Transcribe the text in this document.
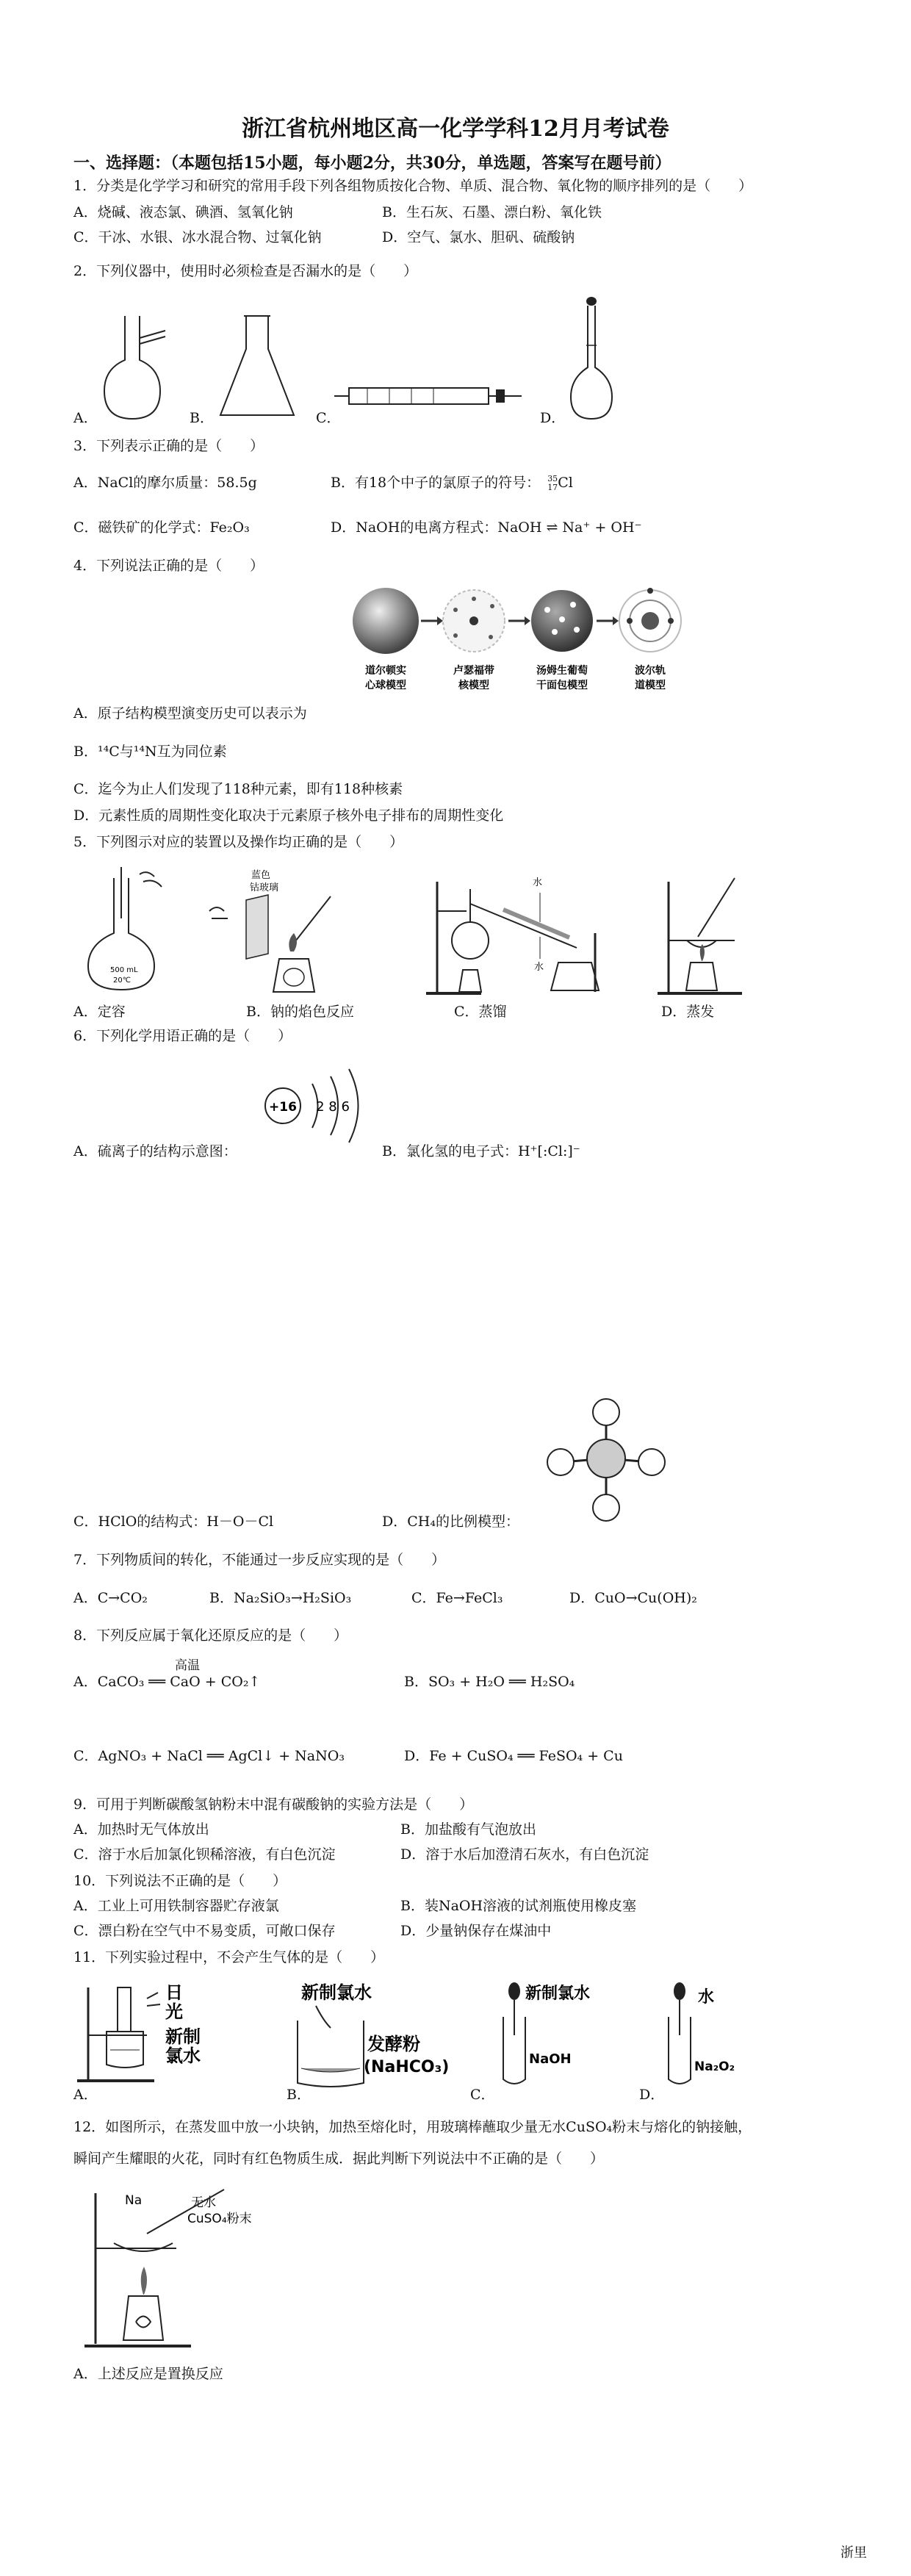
浙江省杭州地区高一化学学科12月月考试卷
一、选择题：（本题包括15小题，每小题2分，共30分，单选题，答案写在题号前）
1．分类是化学学习和研究的常用手段下列各组物质按化合物、单质、混合物、氧化物的顺序排列的是（　　）
A．烧碱、液态氯、碘酒、氢氧化钠	B．生石灰、石墨、漂白粉、氧化铁
C．干冰、水银、冰水混合物、过氧化钠	D．空气、氯水、胆矾、硫酸钠
2．下列仪器中，使用时必须检查是否漏水的是（　　）
A．	B．	C．	D．
3．下列表示正确的是（　　）
A．NaCl的摩尔质量：58.5g	B．有18个中子的氯原子的符号： 35
17Cl
C．磁铁矿的化学式：Fe₂O₃	D．NaOH的电离方程式：NaOH ⇌ Na⁺ + OH⁻
4．下列说法正确的是（　　）
道尔顿实
心球模型
卢瑟福带
核模型
汤姆生葡萄
干面包模型
波尔轨
道模型
A．原子结构模型演变历史可以表示为
B．¹⁴C与¹⁴N互为同位素
C．迄今为止人们发现了118种元素，即有118种核素
D．元素性质的周期性变化取决于元素原子核外电子排布的周期性变化
5．下列图示对应的装置以及操作均正确的是（　　）
500 mL
20℃
A．定容
蓝色
钴玻璃
B．钠的焰色反应
水
水
C．蒸馏	D．蒸发
6．下列化学用语正确的是（　　）
+16 2 8 6
A．硫离子的结构示意图：	B．氯化氢的电子式：H⁺[:Cl:]⁻
C．HClO的结构式：H－O－Cl	D．CH₄的比例模型：
7．下列物质间的转化，不能通过一步反应实现的是（　　）
A．C→CO₂	B．Na₂SiO₃→H₂SiO₃	C．Fe→FeCl₃	D．CuO→Cu(OH)₂
8．下列反应属于氧化还原反应的是（　　）
高温
A．CaCO₃ ══ CaO + CO₂↑	B．SO₃ + H₂O ══ H₂SO₄
C．AgNO₃ + NaCl ══ AgCl↓ + NaNO₃	D．Fe + CuSO₄ ══ FeSO₄ + Cu
9．可用于判断碳酸氢钠粉末中混有碳酸钠的实验方法是（　　）
A．加热时无气体放出	B．加盐酸有气泡放出
C．溶于水后加氯化钡稀溶液，有白色沉淀	D．溶于水后加澄清石灰水，有白色沉淀
10．下列说法不正确的是（　　）
A．工业上可用铁制容器贮存液氯	B．装NaOH溶液的试剂瓶使用橡皮塞
C．漂白粉在空气中不易变质，可敞口保存	D．少量钠保存在煤油中
11．下列实验过程中，不会产生气体的是（　　）
日
光
新制
氯水
A．
新制氯水
发酵粉
(NaHCO₃)
B．
新制氯水
NaOH
C．
水
Na₂O₂
D．
12．如图所示，在蒸发皿中放一小块钠，加热至熔化时，用玻璃棒蘸取少量无水CuSO₄粉末与熔化的钠接触，
瞬间产生耀眼的火花，同时有红色物质生成．据此判断下列说法中不正确的是（　　）
Na	无水
CuSO₄粉末
A．上述反应是置换反应
浙里
